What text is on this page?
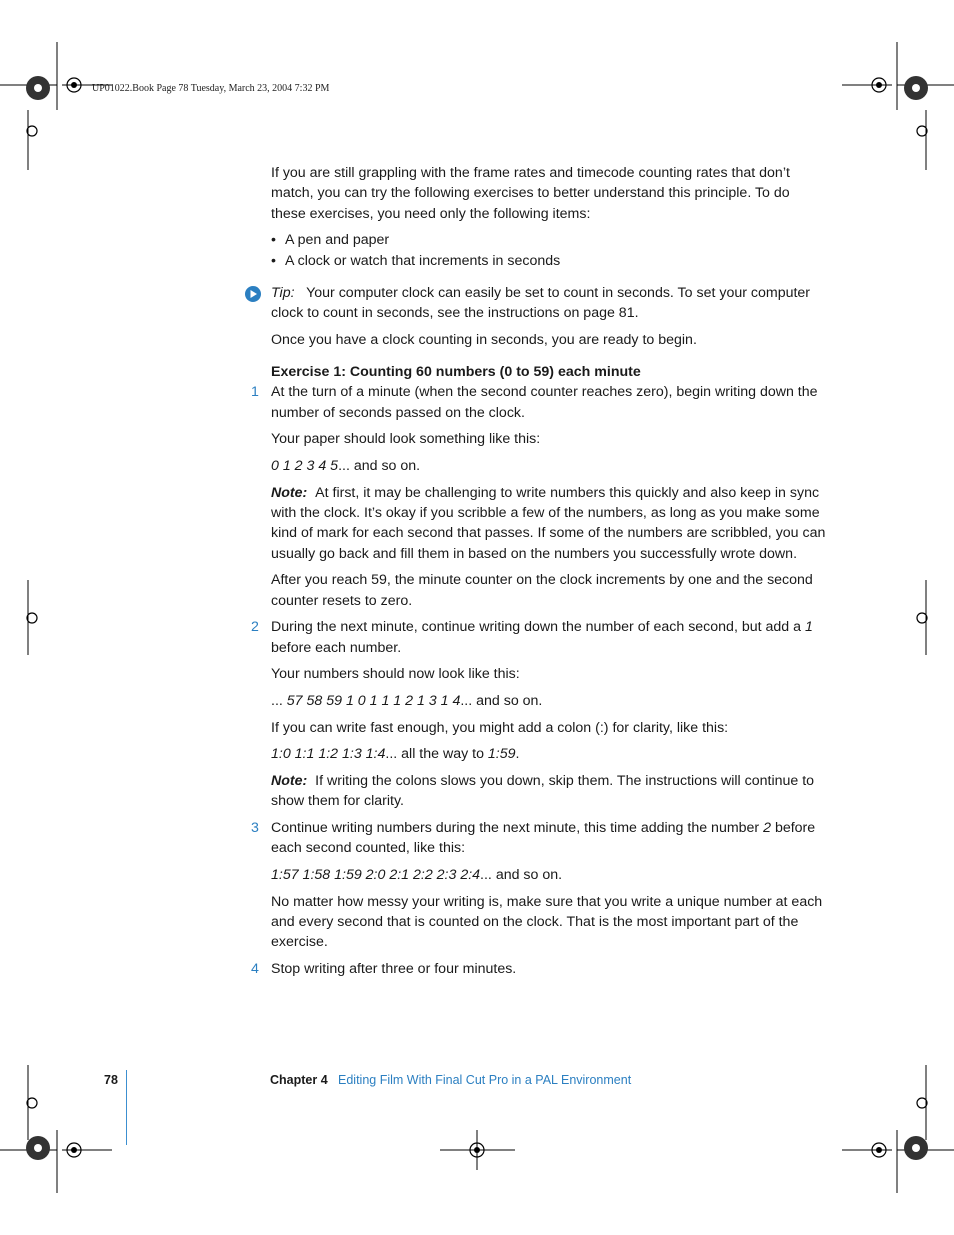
UP01022.Book Page 78 Tuesday, March 23, 2004 7:32 PM

If you are still grappling with the frame rates and timecode counting rates that don’t match, you can try the following exercises to better understand this principle. To do these exercises, you need only the following items:

• A pen and paper

• A clock or watch that increments in seconds

Tip: Your computer clock can easily be set to count in seconds. To set your computer clock to count in seconds, see the instructions on page 81.

Once you have a clock counting in seconds, you are ready to begin.

Exercise 1: Counting 60 numbers (0 to 59) each minute

1 At the turn of a minute (when the second counter reaches zero), begin writing down the number of seconds passed on the clock.

Your paper should look something like this:

0 1 2 3 4 5... and so on.

Note: At first, it may be challenging to write numbers this quickly and also keep in sync with the clock. It’s okay if you scribble a few of the numbers, as long as you make some kind of mark for each second that passes. If some of the numbers are scribbled, you can usually go back and fill them in based on the numbers you successfully wrote down.

After you reach 59, the minute counter on the clock increments by one and the second counter resets to zero.

2 During the next minute, continue writing down the number of each second, but add a 1 before each number.

Your numbers should now look like this:

... 57 58 59 1 0 1 1 1 2 1 3 1 4... and so on.

If you can write fast enough, you might add a colon (:) for clarity, like this:

1:0 1:1 1:2 1:3 1:4... all the way to 1:59.

Note: If writing the colons slows you down, skip them. The instructions will continue to show them for clarity.

3 Continue writing numbers during the next minute, this time adding the number 2 before each second counted, like this:

1:57 1:58 1:59 2:0 2:1 2:2 2:3 2:4... and so on.

No matter how messy your writing is, make sure that you write a unique number at each and every second that is counted on the clock. That is the most important part of the exercise.

4 Stop writing after three or four minutes.
78	Chapter 4 Editing Film With Final Cut Pro in a PAL Environment
